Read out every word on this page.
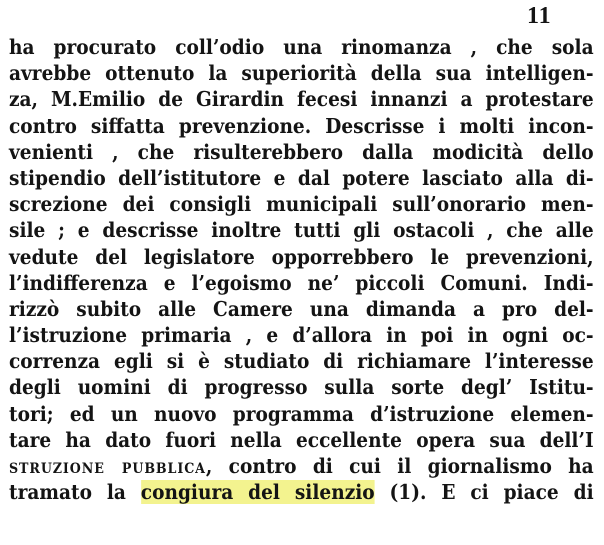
11
ha procurato coll’odio una rinomanza , che sola
avrebbe ottenuto la superiorità della sua intelligen-
za, M.Emilio de Girardin fecesi innanzi a protestare
contro siffatta prevenzione. Descrisse i molti incon-
venienti , che risulterebbero dalla modicità dello
stipendio dell’istitutore e dal potere lasciato alla di-
screzione dei consigli municipali sull’onorario men-
sile ; e descrisse inoltre tutti gli ostacoli , che alle
vedute del legislatore opporrebbero le prevenzioni,
l’indifferenza e l’egoismo ne’ piccoli Comuni. Indi-
rizzò subito alle Camere una dimanda a pro del-
l’istruzione primaria , e d’allora in poi in ogni oc-
correnza egli si è studiato di richiamare l’interesse
degli uomini di progresso sulla sorte degl’ Istitu-
tori; ed un nuovo programma d’istruzione elemen-
tare ha dato fuori nella eccellente opera sua dell’I
struzione pubblica, contro di cui il giornalismo ha
tramato la congiura del silenzio (1). E ci piace di
